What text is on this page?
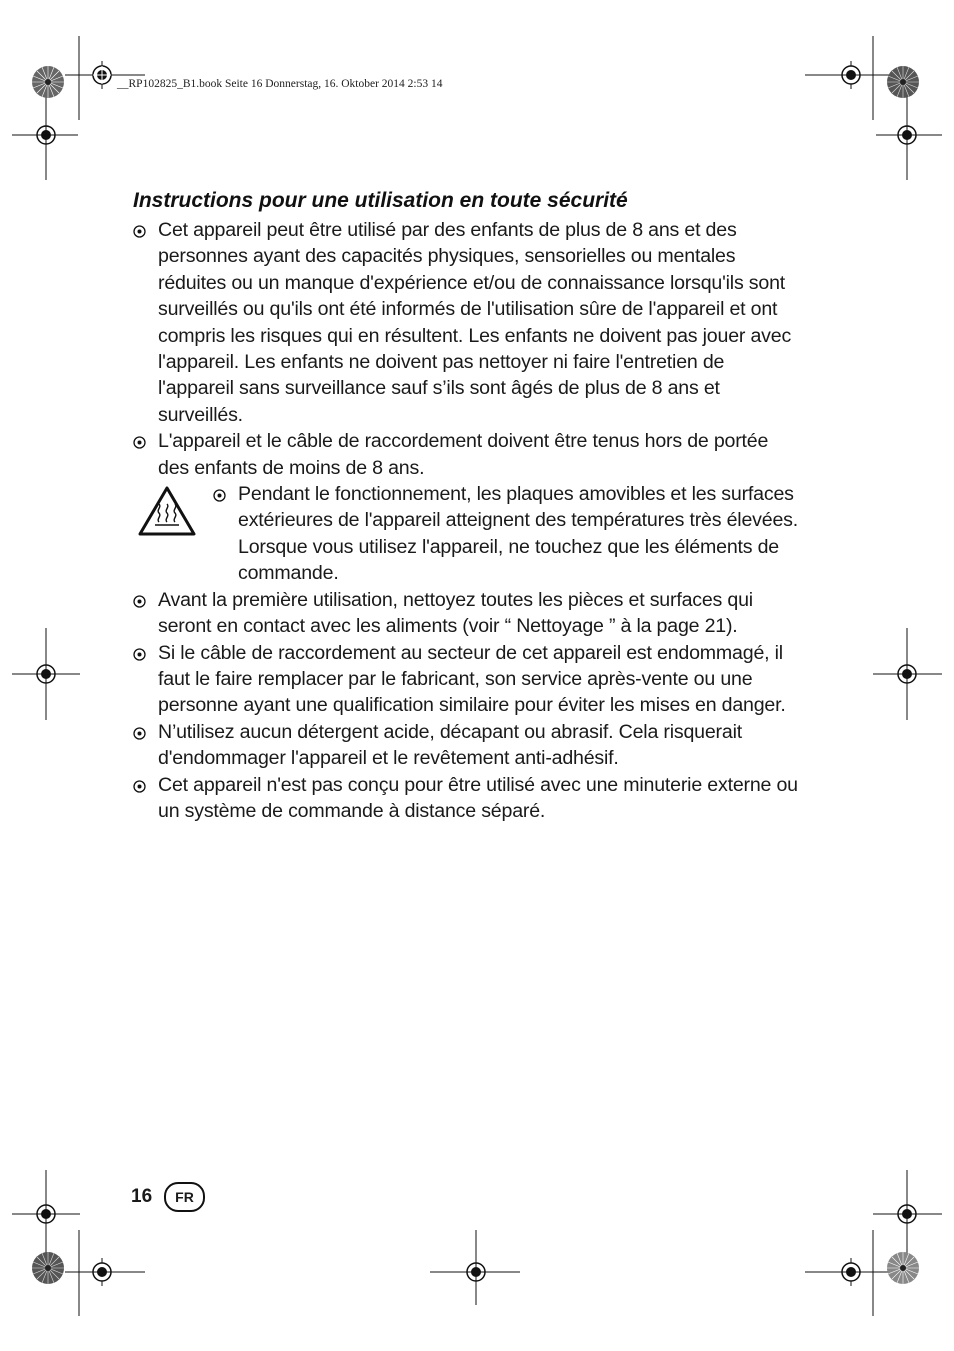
__RP102825_B1.book Seite 16 Donnerstag, 16. Oktober 2014 2:53 14
Instructions pour une utilisation en toute sécurité
Cet appareil peut être utilisé par des enfants de plus de 8 ans et des personnes ayant des capacités physiques, sensorielles ou mentales réduites ou un manque d'expérience et/ou de connaissance lorsqu'ils sont surveillés ou qu'ils ont été informés de l'utilisation sûre de l'appareil et ont compris les risques qui en résultent. Les enfants ne doivent pas jouer avec l'appareil. Les enfants ne doivent pas nettoyer ni faire l'entretien de l'appareil sans surveillance sauf s’ils sont âgés de plus de 8 ans et surveillés.
L'appareil et le câble de raccordement doivent être tenus hors de portée des enfants de moins de 8 ans.
Pendant le fonctionnement, les plaques amovibles et les surfaces extérieures de l'appareil atteignent des températures très élevées. Lorsque vous utilisez l'appareil, ne touchez que les éléments de commande.
Avant la première utilisation, nettoyez toutes les pièces et surfaces qui seront en contact avec les aliments (voir “ Nettoyage ” à la page 21).
Si le câble de raccordement au secteur de cet appareil est endommagé, il faut le faire remplacer par le fabricant, son service après-vente ou une personne ayant une qualification similaire pour éviter les mises en danger.
N’utilisez aucun détergent acide, décapant ou abrasif. Cela risquerait d'endommager l'appareil et le revêtement anti-adhésif.
Cet appareil n'est pas conçu pour être utilisé avec une minuterie externe ou un système de commande à distance séparé.
16	FR
